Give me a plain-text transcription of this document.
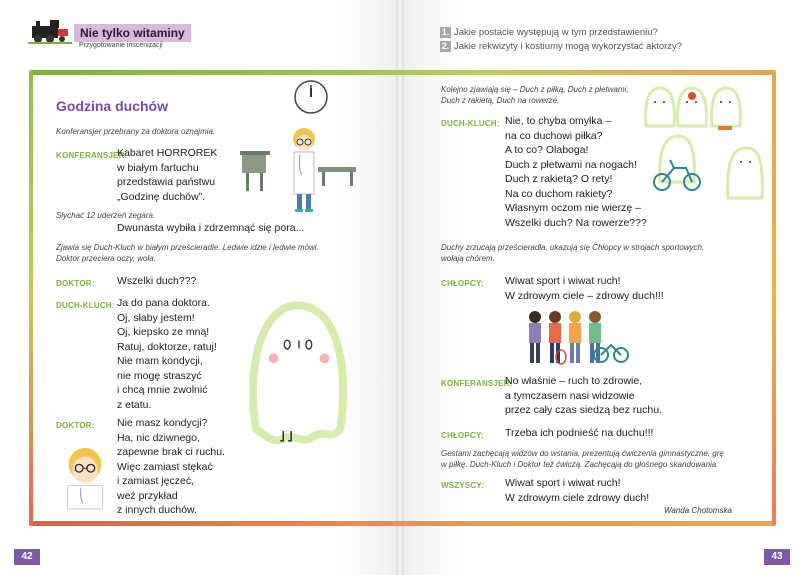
Nie tylko witaminy
Przygotowanie inscenizacji
1. Jakie postacie występują w tym przedstawieniu?
2. Jakie rekwizyty i kostiumy mogą wykorzystać aktorzy?
Godzina duchów
Konferansjer przebrany za doktora oznajmia.
KONFERANSJER:
Kabaret HORROREK
w białym fartuchu
przedstawia państwu
„Godzinę duchów”.
Słychać 12 uderzeń zegara.
Dwunasta wybiła i zdrzemnąć się pora...
Zjawia się Duch-Kluch w białym prześcieradle. Ledwie idzie i ledwie mówi.
Doktor przeciera oczy, woła.
DOKTOR: Wszelki duch???
DUCH-KLUCH: Ja do pana doktora.
Oj, słaby jestem!
Oj, kiepsko ze mną!
Ratuj, doktorze, ratuj!
Nie mam kondycji,
nie mogę straszyć
i chcą mnie zwolnić
z etatu.
DOKTOR: Nie masz kondycji?
Ha, nic dziwnego,
zapewne brak ci ruchu.
Więc zamiast stękać
i zamiast jęczeć,
weź przykład
z innych duchów.
Kolejno zjawiają się – Duch z piłką, Duch z płetwami,
Duch z rakietą, Duch na rowerze.
DUCH-KLUCH: Nie, to chyba omyłka –
na co duchowi piłka?
A to co? Olaboga!
Duch z płetwami na nogach!
Duch z rakietą? O rety!
Na co duchom rakiety?
Własnym oczom nie wierzę –
Wszelki duch? Na rowerze???
Duchy zrzucają prześcieradła, ukazują się Chłopcy w strojach sportowych,
wołają chórem.
CHŁOPCY: Wiwat sport i wiwat ruch!
W zdrowym ciele – zdrowy duch!!!
KONFERANSJER:
No właśnie – ruch to zdrowie,
a tymczasem nasi widzowie
przez cały czas siedzą bez ruchu.
CHŁOPCY: Trzeba ich podnieść na duchu!!!
Gestami zachęcają widzów do wstania, prezentują ćwiczenia gimnastyczne, grę
w piłkę. Duch-Kluch i Doktor też ćwiczą. Zachęcają do głośnego skandowania.
WSZYSCY: Wiwat sport i wiwat ruch!
W zdrowym ciele zdrowy duch!
Wanda Chotomska
42	43
